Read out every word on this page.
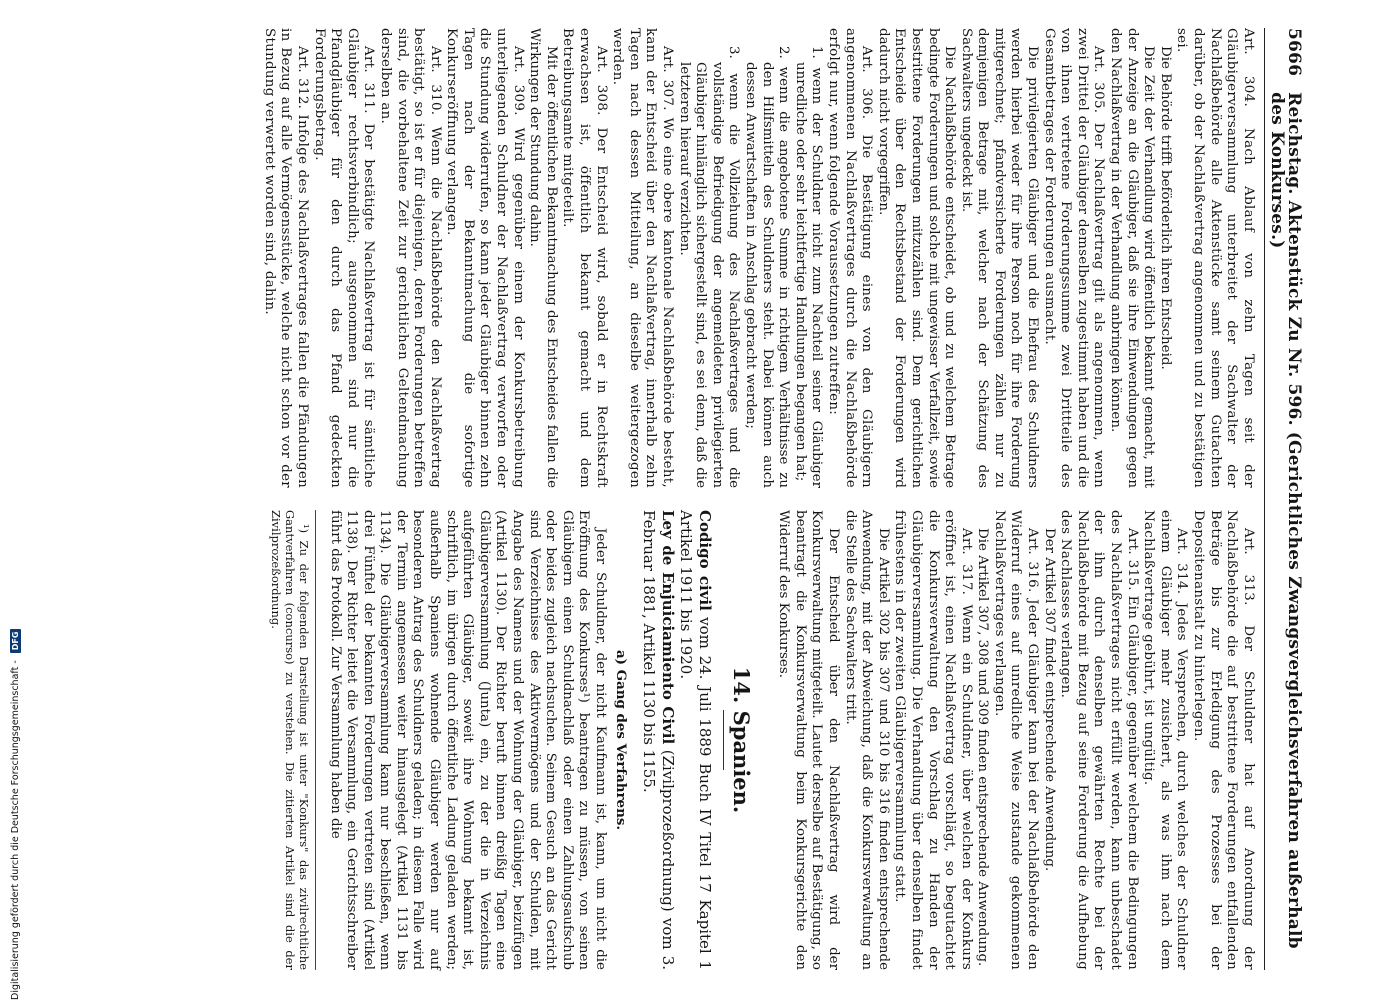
5666
Reichstag. Aktenstück Zu Nr. 596. (Gerichtliches Zwangsvergleichsverfahren außerhalb des Konkurses.)

Art. 304. Nach Ablauf von zehn Tagen seit der Gläubigerversammlung unterbreitet der Sachwalter der Nachlaßbehörde alle Aktenstücke samt seinem Gutachten darüber, ob der Nachlaßvertrag angenommen und zu bestätigen sei.

Die Behörde trifft beförderlich ihren Entscheid.

Die Zeit der Verhandlung wird öffentlich bekannt gemacht, mit der Anzeige an die Gläubiger, daß sie ihre Einwendungen gegen den Nachlaßvertrag in der Verhandlung anbringen können.

Art. 305. Der Nachlaßvertrag gilt als angenommen, wenn zwei Drittel der Gläubiger demselben zugestimmt haben und die von ihnen vertretene Forderungssumme zwei Drittteile des Gesamtbetrages der Forderungen ausmacht.

Die privilegierten Gläubiger und die Ehefrau des Schuldners werden hierbei weder für ihre Person noch für ihre Forderung mitgerechnet; pfandversicherte Forderungen zählen nur zu demjenigen Betrage mit, welcher nach der Schätzung des Sachwalters ungedeckt ist.

Die Nachlaßbehörde entscheidet, ob und zu welchem Betrage bedingte Forderungen und solche mit ungewisser Verfallzeit, sowie bestrittene Forderungen mitzuzählen sind. Dem gerichtlichen Entscheide über den Rechtsbestand der Forderungen wird dadurch nicht vorgegriffen.

Art. 306. Die Bestätigung eines von den Gläubigern angenommenen Nachlaßvertrages durch die Nachlaßbehörde erfolgt nur, wenn folgende Voraussetzungen zutreffen:

1. wenn der Schuldner nicht zum Nachteil seiner Gläubiger unredliche oder sehr leichtfertige Handlungen begangen hat;

2. wenn die angebotene Summe in richtigem Verhältnisse zu den Hilfsmitteln des Schuldners steht. Dabei können auch dessen Anwartschaften in Anschlag gebracht werden;

3. wenn die Vollziehung des Nachlaßvertrages und die vollständige Befriedigung der angemeldeten privilegierten Gläubiger hinlänglich sichergestellt sind, es sei denn, daß die letzteren hierauf verzichten.

Art. 307. Wo eine obere kantonale Nachlaßbehörde besteht, kann der Entscheid über den Nachlaßvertrag, innerhalb zehn Tagen nach dessen Mitteilung, an dieselbe weitergezogen werden.

Art. 308. Der Entscheid wird, sobald er in Rechtskraft erwachsen ist, öffentlich bekannt gemacht und dem Betreibungsamte mitgeteilt.

Mit der öffentlichen Bekanntmachung des Entscheides fallen die Wirkungen der Stundung dahin.

Art. 309. Wird gegenüber einem der Konkursbetreibung unterliegenden Schuldner der Nachlaßvertrag verworfen oder die Stundung widerrufen, so kann jeder Gläubiger binnen zehn Tagen nach der Bekanntmachung die sofortige Konkurseröffnung verlangen.

Art. 310. Wenn die Nachlaßbehörde den Nachlaßvertrag bestätigt, so ist er für diejenigen, deren Forderungen betreffen sind, die vorbehaltene Zeit zur gerichtlichen Geltendmachung derselben an.

Art. 311. Der bestätigte Nachlaßvertrag ist für sämtliche Gläubiger rechtsverbindlich; ausgenommen sind nur die Pfandgläubiger für den durch das Pfand gedeckten Forderungsbetrag.

Art. 312. Infolge des Nachlaßvertrages fallen die Pfändungen in Bezug auf alle Vermögensstücke, welche nicht schon vor der Stundung verwertet worden sind, dahin.

Art. 313. Der Schuldner hat auf Anordnung der Nachlaßbehörde die auf bestrittene Forderungen entfallenden Beträge bis zur Erledigung des Prozesses bei der Depositenanstalt zu hinterlegen.

Art. 314. Jedes Versprechen, durch welches der Schuldner einem Gläubiger mehr zusichert, als was ihm nach dem Nachlaßvertrage gebührt, ist ungültig.

Art. 315. Ein Gläubiger, gegenüber welchem die Bedingungen des Nachlaßvertrages nicht erfüllt werden, kann unbeschadet der ihm durch denselben gewährten Rechte bei der Nachlaßbehörde mit Bezug auf seine Forderung die Aufhebung des Nachlasses verlangen.

Der Artikel 307 findet entsprechende Anwendung.

Art. 316. Jeder Gläubiger kann bei der Nachlaßbehörde den Widerruf eines auf unredliche Weise zustande gekommenen Nachlaßvertrages verlangen.

Die Artikel 307, 308 und 309 finden entsprechende Anwendung.

Art. 317. Wenn ein Schuldner, über welchen der Konkurs eröffnet ist, einen Nachlaßvertrag vorschlägt, so begutachtet die Konkursverwaltung den Vorschlag zu Handen der Gläubigerversammlung. Die Verhandlung über denselben findet frühestens in der zweiten Gläubigerversammlung statt.

Die Artikel 302 bis 307 und 310 bis 316 finden entsprechende Anwendung, mit der Abweichung, daß die Konkursverwaltung an die Stelle des Sachwalters tritt.

Der Entscheid über den Nachlaßvertrag wird der Konkursverwaltung mitgeteilt. Lautet derselbe auf Bestätigung, so beantragt die Konkursverwaltung beim Konkursgerichte den Widerruf des Konkurses.

14. Spanien.

Codigo civil vom 24. Juli 1889 Buch IV Titel 17 Kapitel 1 Artikel 1911 bis 1920.

Ley de Enjuiciamiento Civil (Zivilprozeßordnung) vom 3. Februar 1881, Artikel 1130 bis 1155.

a) Gang des Verfahrens.

Jeder Schuldner, der nicht Kaufmann ist, kann, um nicht die Eröffnung des Konkurses¹) beantragen zu müssen, von seinen Gläubigern einen Schuldnachlaß oder einen Zahlungsaufschub oder beides zugleich nachsuchen. Seinem Gesuch an das Gericht sind Verzeichnisse des Aktivvermögens und der Schulden, mit Angabe des Namens und der Wohnung der Gläubiger, beizufügen (Artikel 1130). Der Richter beruft binnen dreißig Tagen eine Gläubigerversammlung (Junta) ein, zu der die in Verzeichnis aufgeführten Gläubiger, soweit ihre Wohnung bekannt ist, schriftlich, im übrigen durch öffentliche Ladung geladen werden; außerhalb Spaniens wohnende Gläubiger werden nur auf besonderen Antrag des Schuldners geladen; in diesem Falle wird der Termin angemessen weiter hinausgelegt (Artikel 1131 bis 1134). Die Gläubigerversammlung kann nur beschließen, wenn drei Fünftel der bekannten Forderungen vertreten sind (Artikel 1138). Der Richter leitet die Versammlung, ein Gerichtsschreiber führt das Protokoll. Zur Versammlung haben die

¹) Zu der folgenden Darstellung ist unter "Konkurs" das zivilrechtliche Gantverfahren (concurso) zu verstehen. Die zitierten Artikel sind die der Zivilprozeßordnung.

Digitalisierung gefördert durch die Deutsche Forschungsgemeinschaft - DFG
